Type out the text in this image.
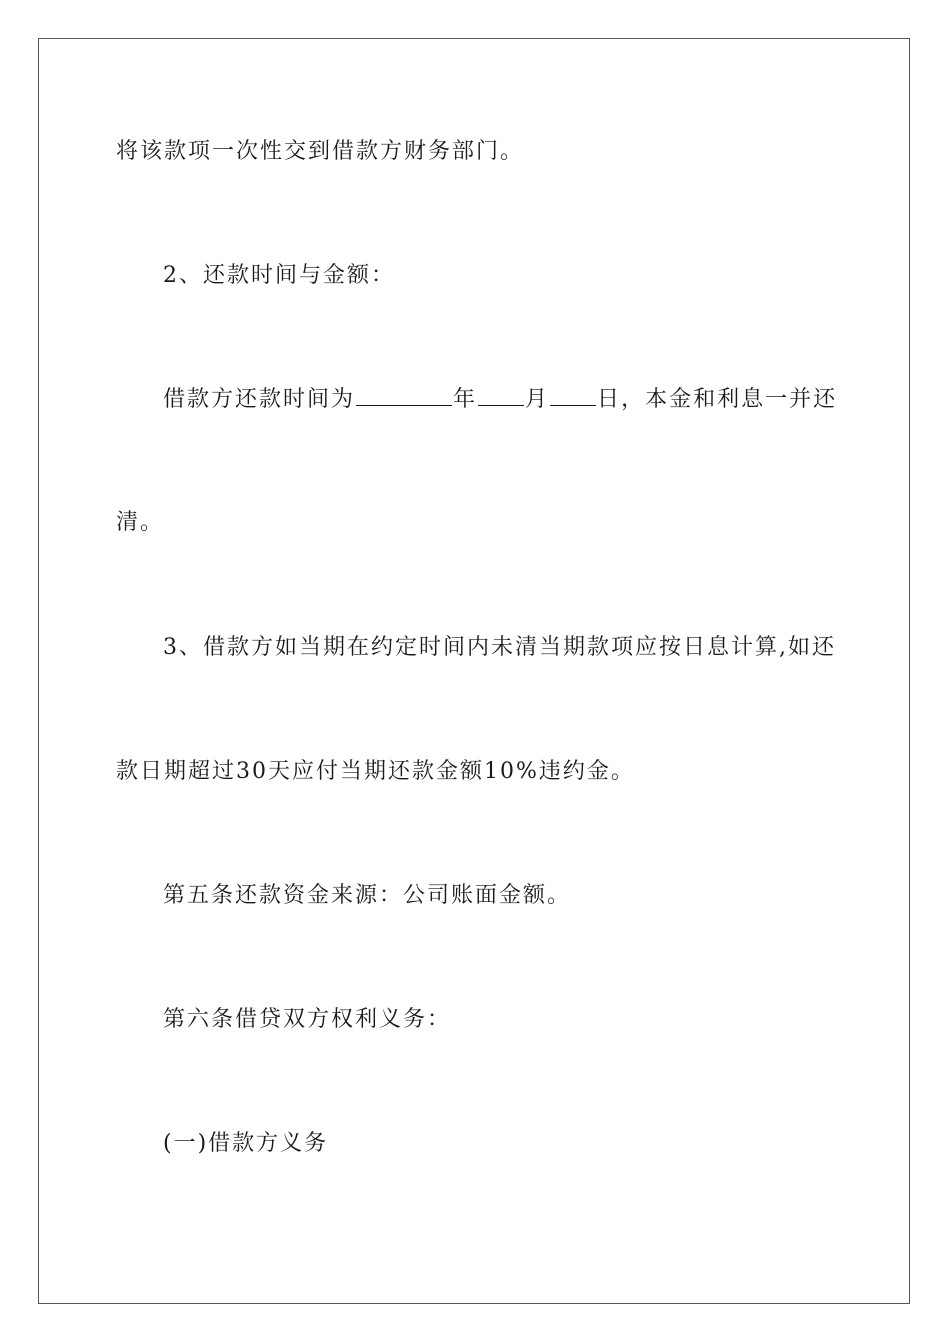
将该款项一次性交到借款方财务部门。
2、还款时间与金额：
借款方还款时间为	年 月 日，本金和利息一并还
清。
3、借款方如当期在约定时间内未清当期款项应按日息计算,如还
款日期超过30天应付当期还款金额10%违约金。
第五条还款资金来源：公司账面金额。
第六条借贷双方权利义务：
(一)借款方义务
